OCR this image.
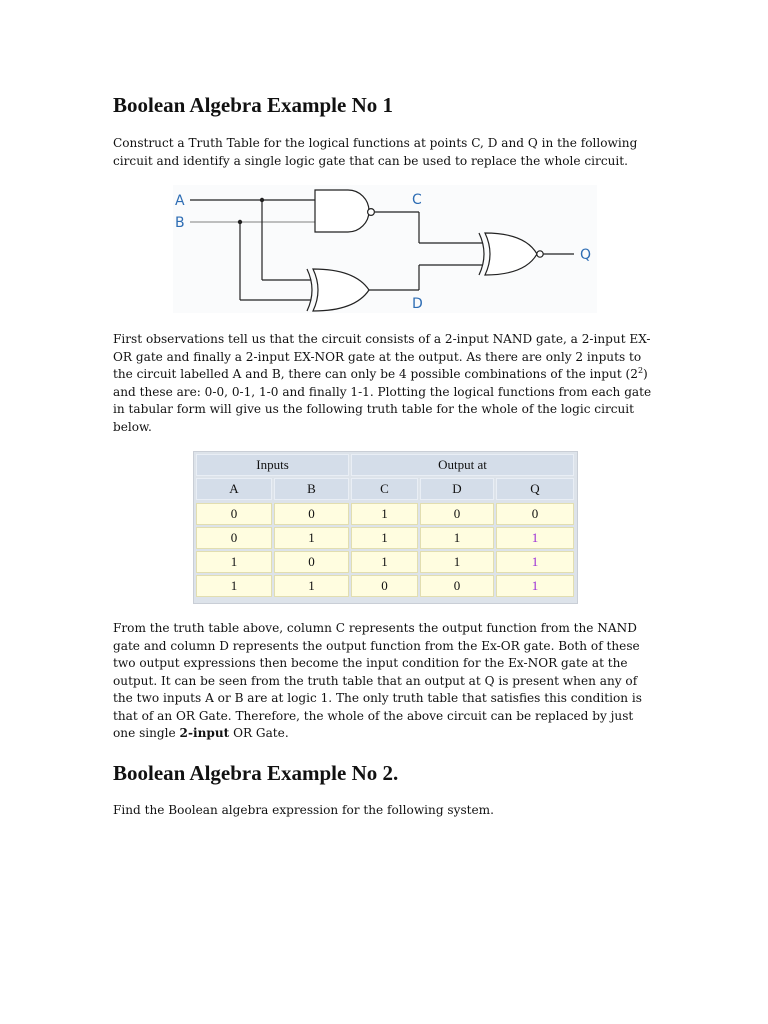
Boolean Algebra Example No 1

Construct a Truth Table for the logical functions at points C, D and Q in the following circuit and identify a single logic gate that can be used to replace the whole circuit.

A
B
C
D
Q

First observations tell us that the circuit consists of a 2-input NAND gate, a 2-input EX-OR gate and finally a 2-input EX-NOR gate at the output. As there are only 2 inputs to the circuit labelled A and B, there can only be 4 possible combinations of the input $(2^2)$ and these are: 0-0, 0-1, 1-0 and finally 1-1. Plotting the logical functions from each gate in tabular form will give us the following truth table for the whole of the logic circuit below.

Inputs	Output at
A	B	C	D	Q
0	0	1	0	0
0	1	1	1	1
1	0	1	1	1
1	1	0	0	1

From the truth table above, column C represents the output function from the NAND gate and column D represents the output function from the Ex-OR gate. Both of these two output expressions then become the input condition for the Ex-NOR gate at the output. It can be seen from the truth table that an output at Q is present when any of the two inputs A or B are at logic 1. The only truth table that satisfies this condition is that of an OR Gate. Therefore, the whole of the above circuit can be replaced by just one single 2-input OR Gate.

Boolean Algebra Example No 2.

Find the Boolean algebra expression for the following system.
